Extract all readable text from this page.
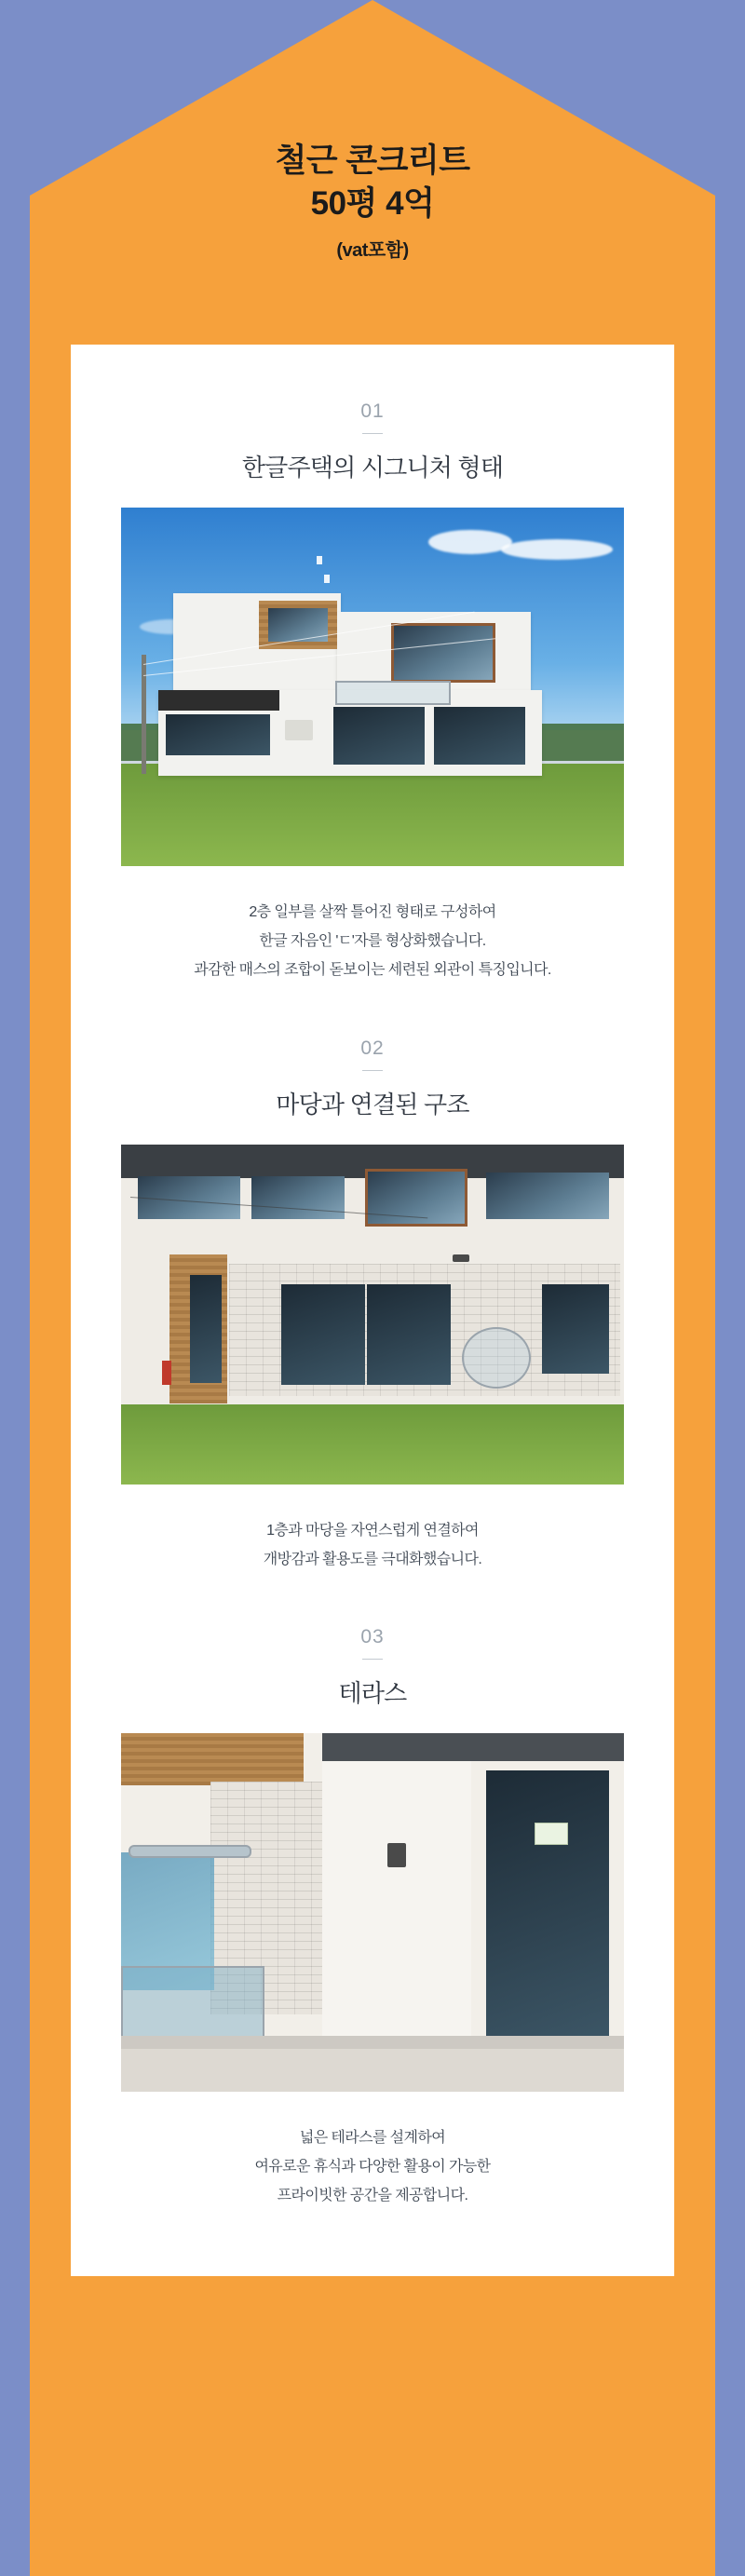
철근 콘크리트
50평 4억
(vat포함)
01
한글주택의 시그니처 형태
2층 일부를 살짝 틀어진 형태로 구성하여
한글 자음인 'ㄷ'자를 형상화했습니다.
과감한 매스의 조합이 돋보이는 세련된 외관이 특징입니다.
02
마당과 연결된 구조
1층과 마당을 자연스럽게 연결하여
개방감과 활용도를 극대화했습니다.
03
테라스
넓은 테라스를 설계하여
여유로운 휴식과 다양한 활용이 가능한
프라이빗한 공간을 제공합니다.
